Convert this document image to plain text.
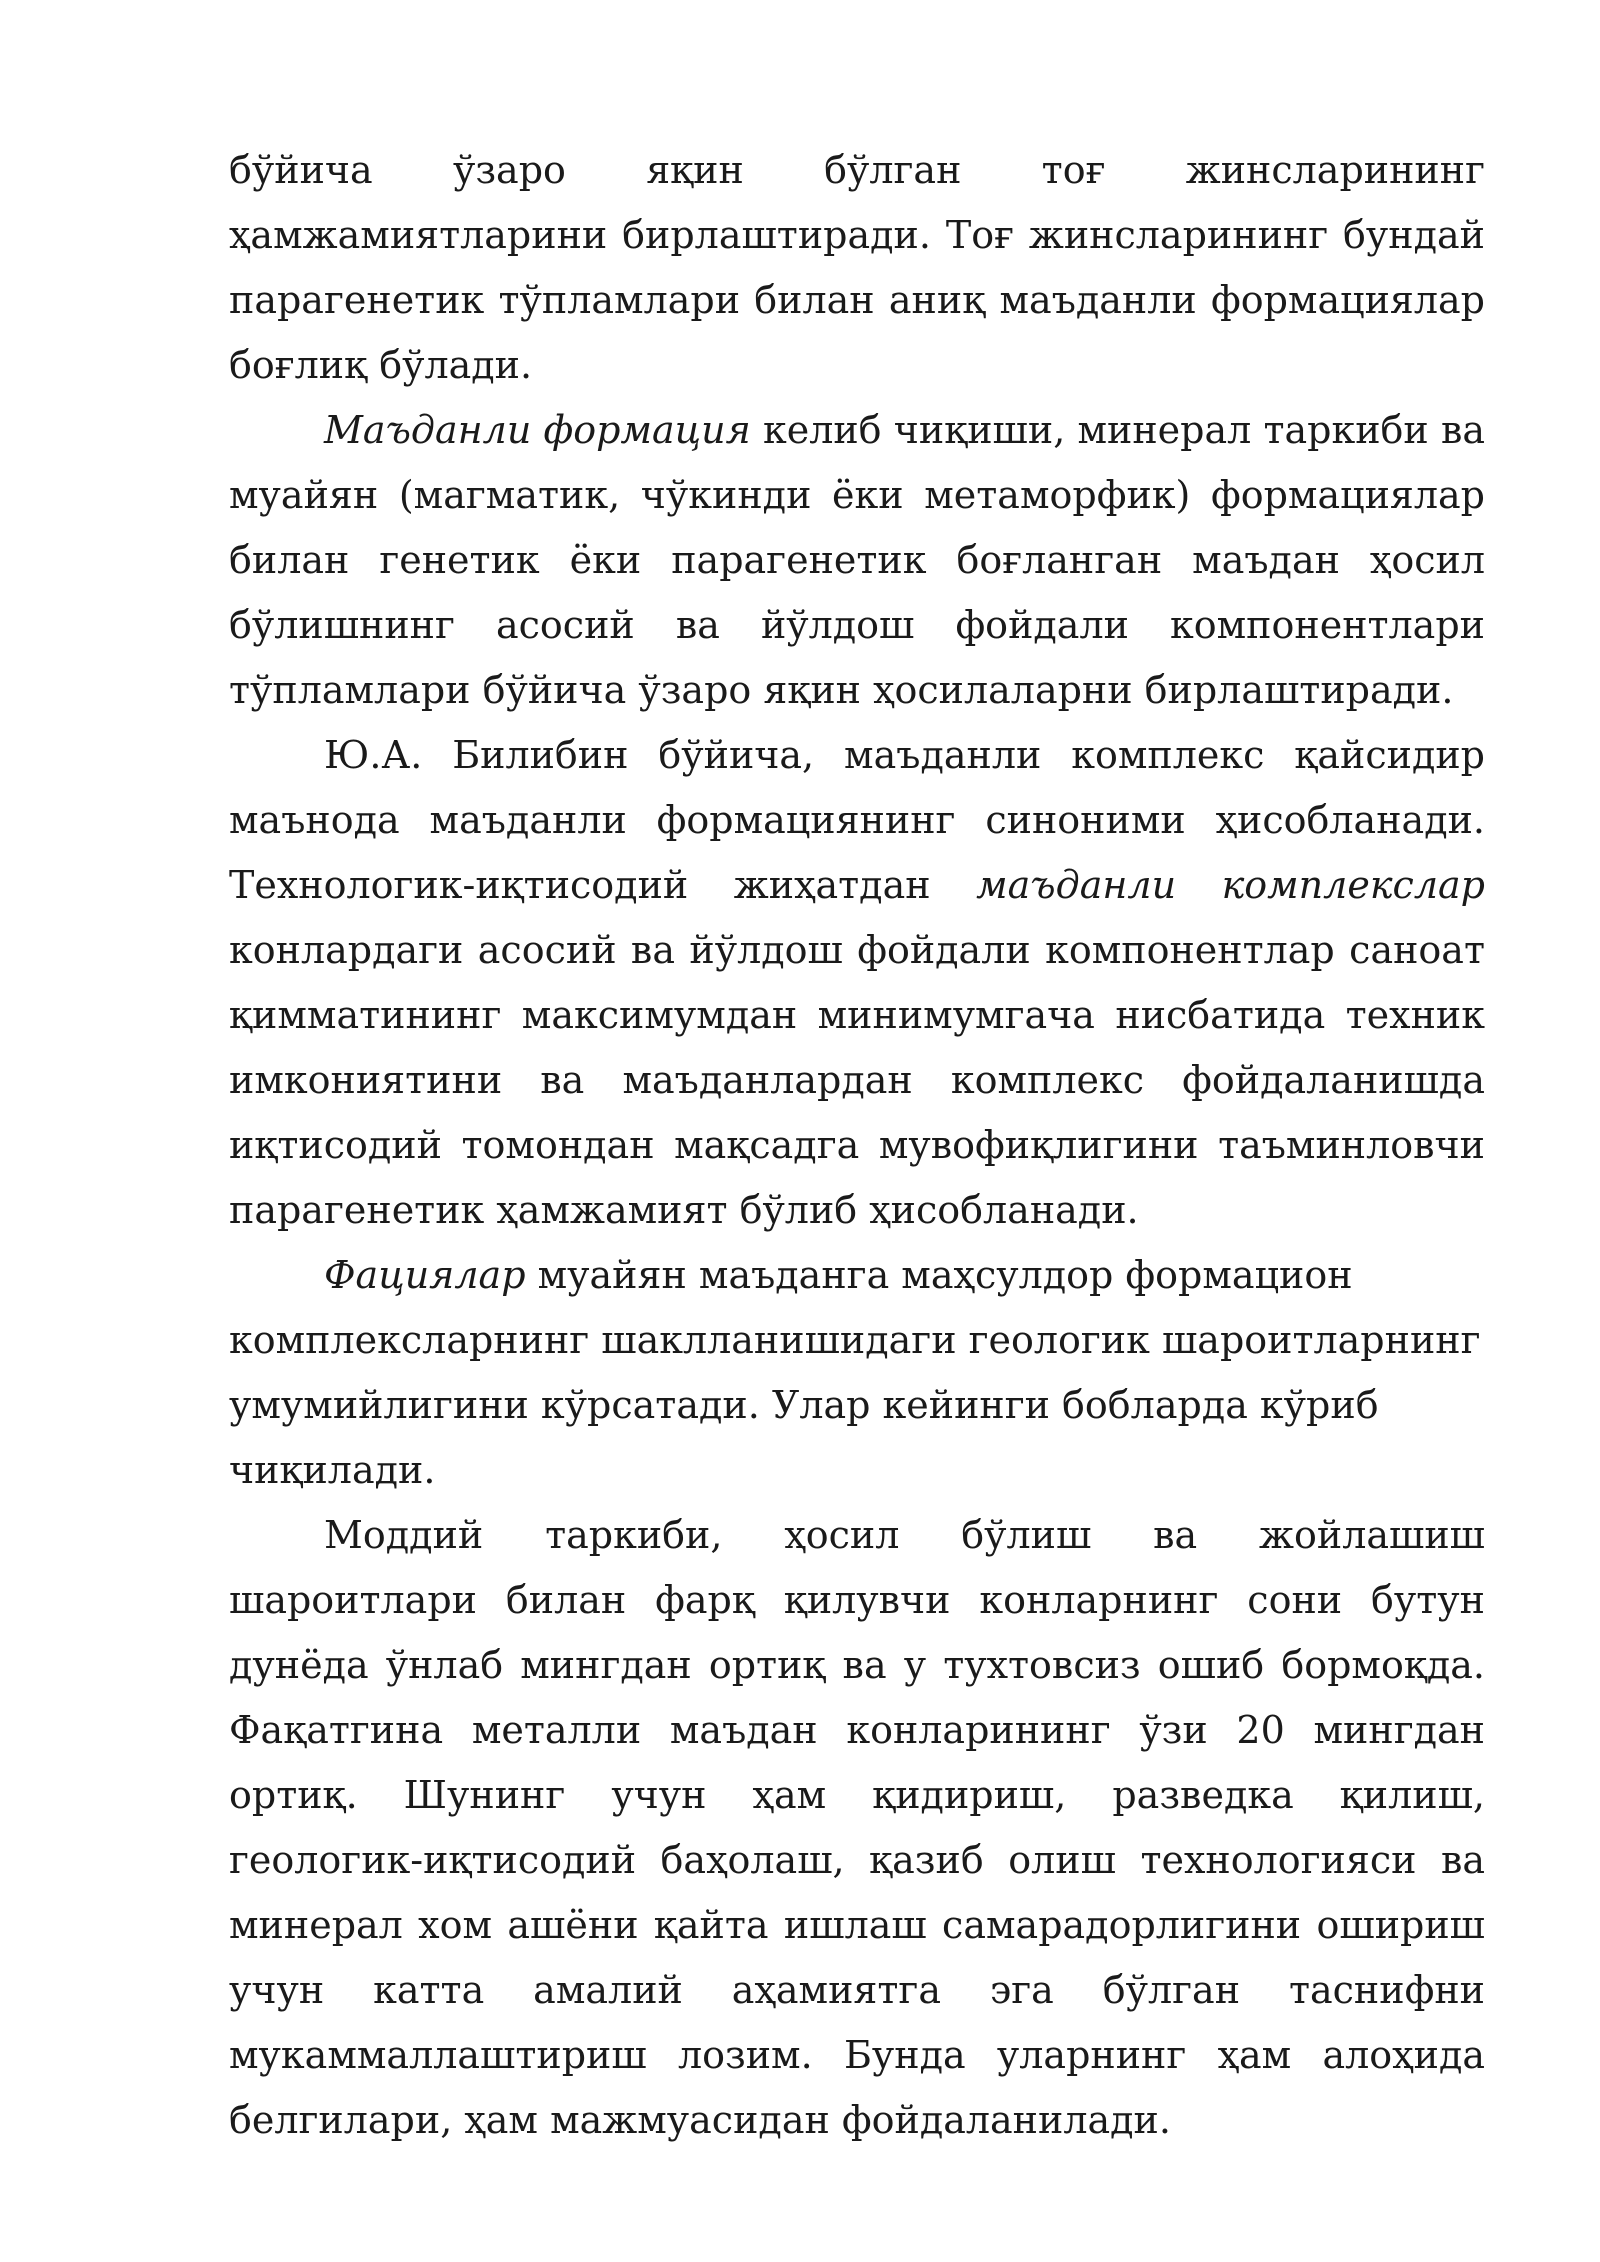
бўйича ўзаро яқин бўлган тоғ жинсларининг ҳамжамиятларини бирлаштиради. Тоғ жинсларининг бундай парагенетик тўпламлари билан аниқ маъданли формациялар боғлиқ бўлади.

Маъданли формация келиб чиқиши, минерал таркиби ва муайян (магматик, чўкинди ёки метаморфик) формациялар билан генетик ёки парагенетик боғланган маъдан ҳосил бўлишнинг асосий ва йўлдош фойдали компонентлари тўпламлари бўйича ўзаро яқин ҳосилаларни бирлаштиради.

Ю.А. Билибин бўйича, маъданли комплекс қайсидир маънода маъданли формациянинг синоними ҳисобланади. Технологик-иқтисодий жиҳатдан маъданли комплекслар конлардаги асосий ва йўлдош фойдали компонентлар саноат қимматининг максимумдан минимумгача нисбатида техник имкониятини ва маъданлардан комплекс фойдаланишда иқтисодий томондан мақсадга мувофиқлигини таъминловчи парагенетик ҳамжамият бўлиб ҳисобланади.

Фациялар муайян маъданга маҳсулдор формацион комплексларнинг шаклланишидаги геологик шароитларнинг умумийлигини кўрсатади. Улар кейинги бобларда кўриб чиқилади.

Моддий таркиби, ҳосил бўлиш ва жойлашиш шароитлари билан фарқ қилувчи конларнинг сони бутун дунёда ўнлаб мингдан ортиқ ва у тухтовсиз ошиб бормоқда. Фақатгина металли маъдан конларининг ўзи 20 мингдан ортиқ. Шунинг учун ҳам қидириш, разведка қилиш, геологик-иқтисодий баҳолаш, қазиб олиш технологияси ва минерал хом ашёни қайта ишлаш самарадорлигини ошириш учун катта амалий аҳамиятга эга бўлган таснифни мукаммаллаштириш лозим. Бунда уларнинг ҳам алоҳида белгилари, ҳам мажмуасидан фойдаланилади.
